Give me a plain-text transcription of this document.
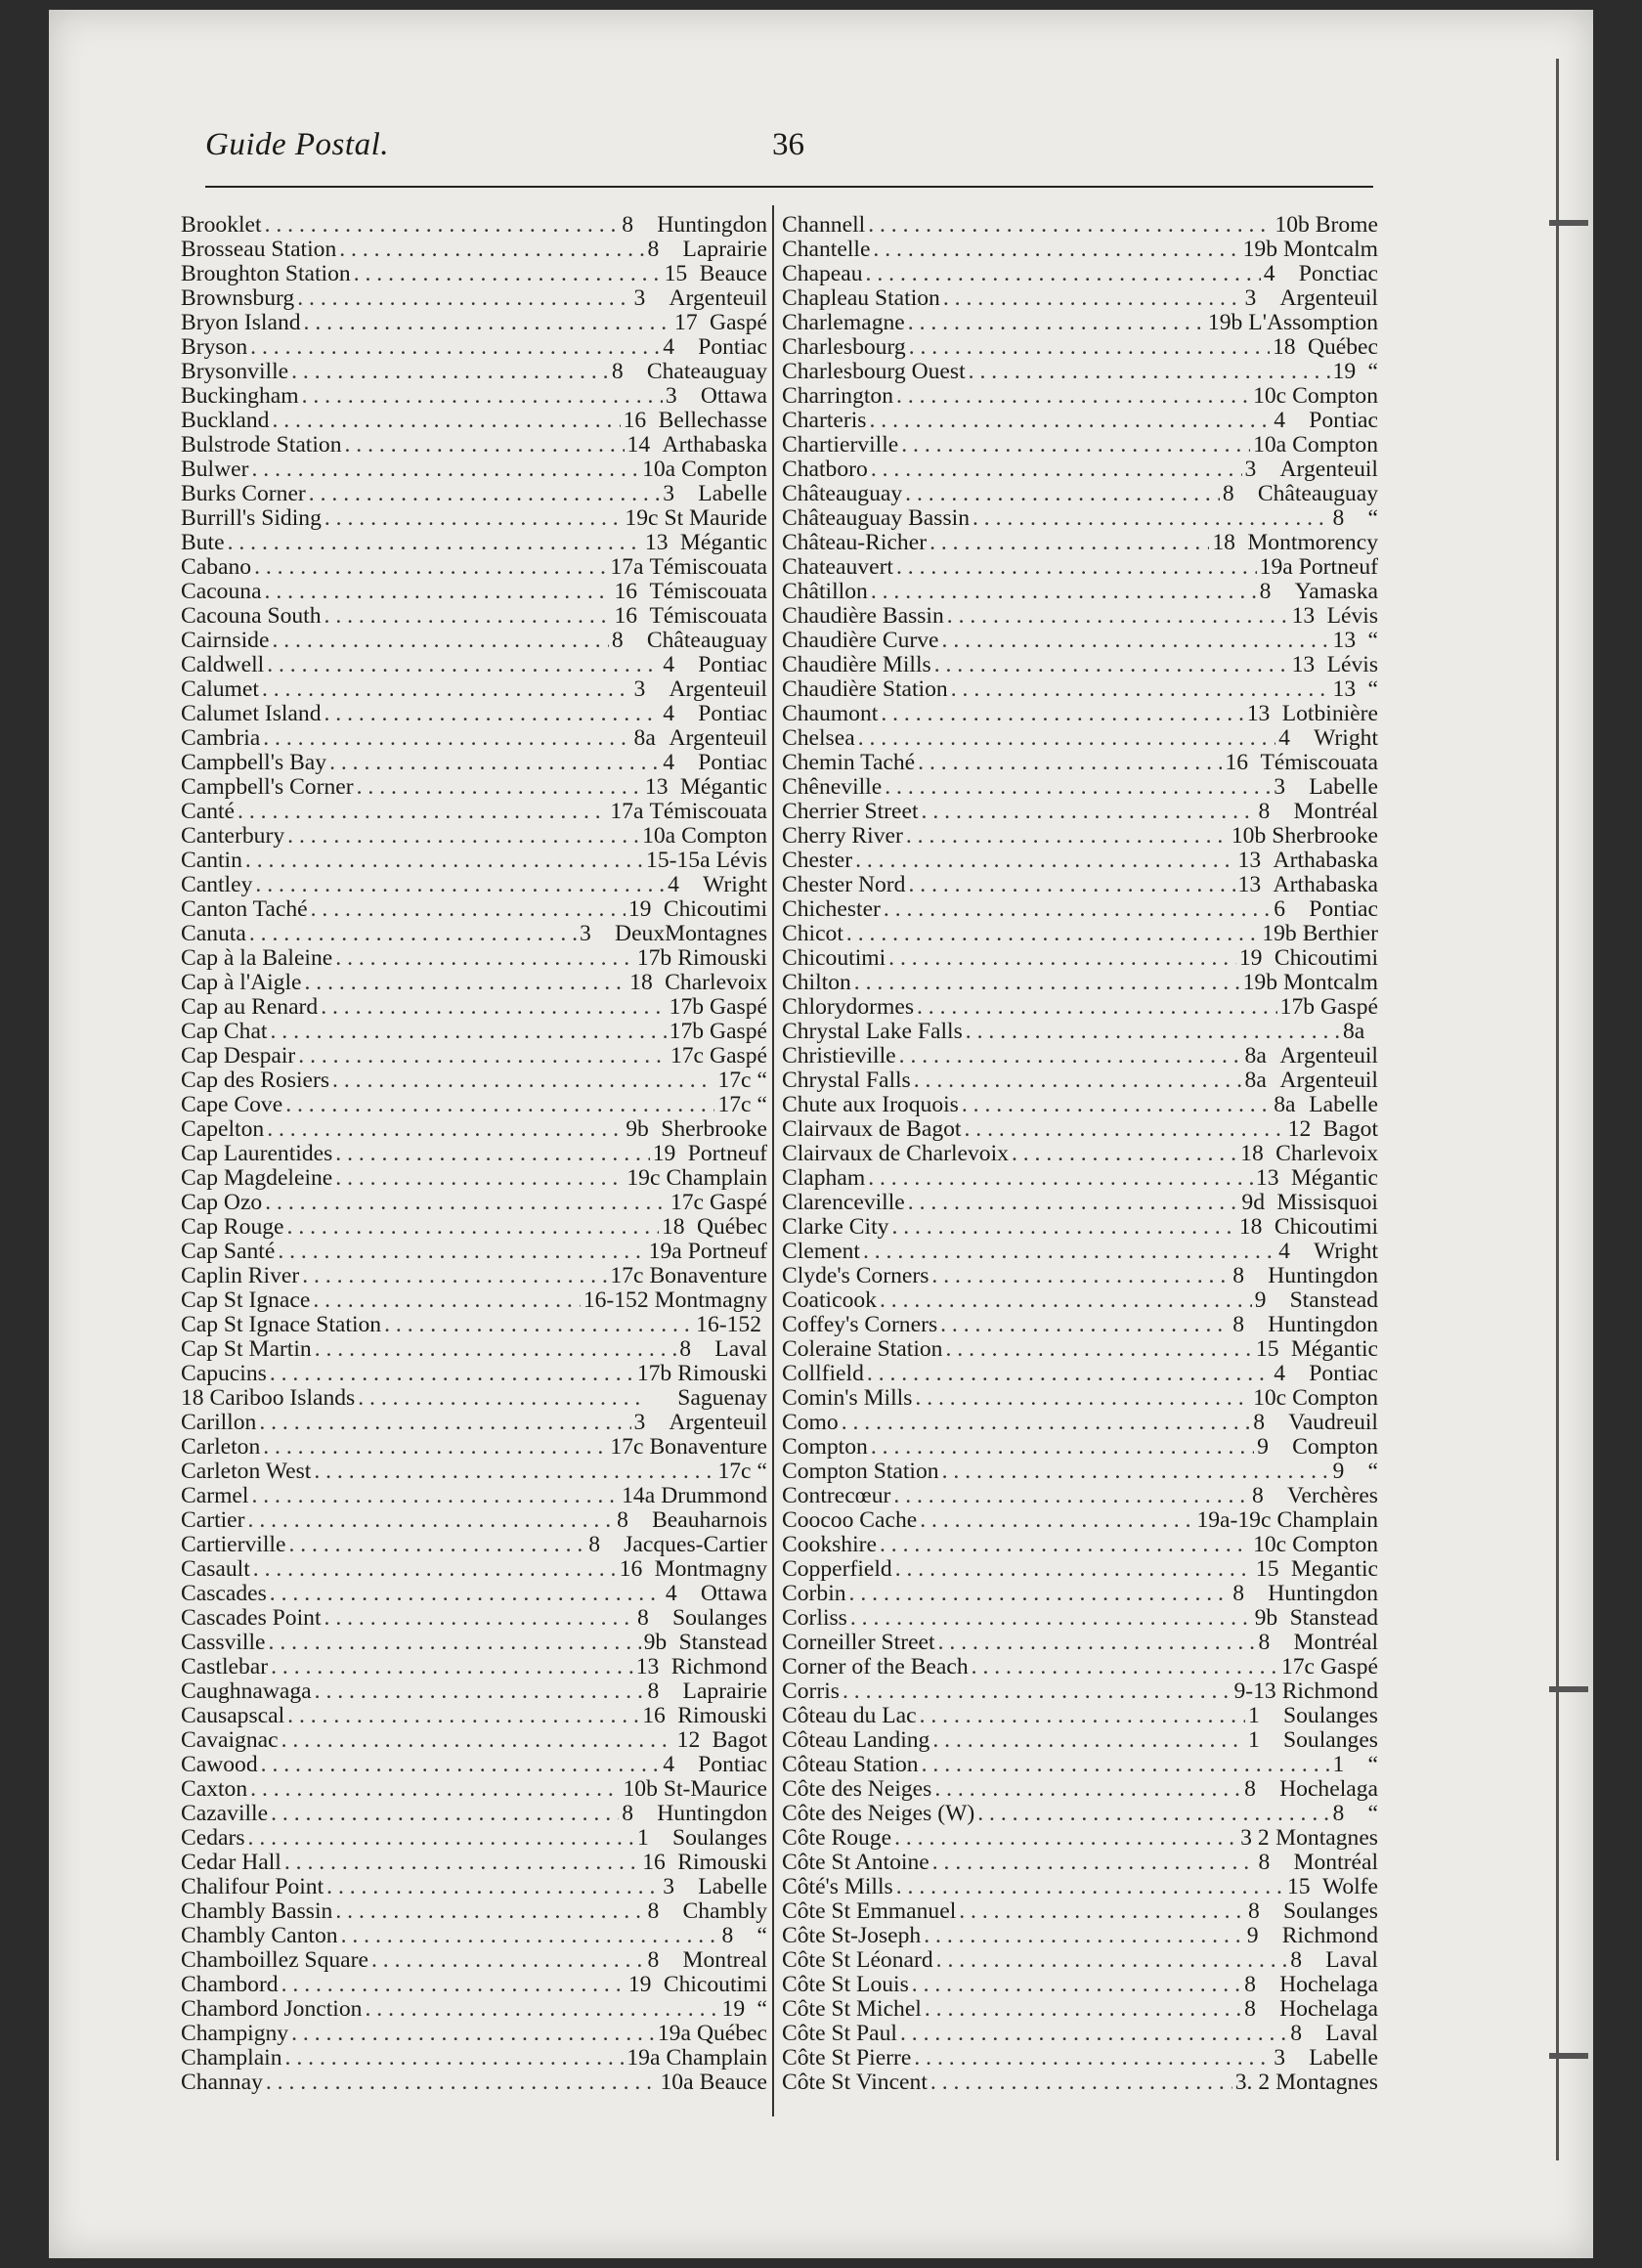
Guide Postal.	36
Brooklet . . .	8	Huntingdon
Brosseau Station . . .	8	Laprairie
Broughton Station . . .	15 Beauce
Brownsburg . . .	3	Argenteuil
Bryon Island . . .	17 Gaspé
Bryson . . .	4	Pontiac
Brysonville . . .	8	Chateauguay
Buckingham . . .	3	Ottawa
Buckland . . .	16 Bellechasse
Bulstrode Station . . .	14 Arthabaska
Bulwer . . .	10a Compton
Burks Corner . . .	3	Labelle
Burrill's Siding . . .	19c St Mauride
Bute . . .	13 Mégantic
Cabano . . .	17a Témiscouata
Cacouna . . .	16 Témiscouata
Cacouna South . . .	16 Témiscouata
Cairnside . . .	8	Châteauguay
Caldwell . . .	4	Pontiac
Calumet . . .	3	Argenteuil
Calumet Island . . .	4	Pontiac
Cambria . . .	8a Argenteuil
Campbell's Bay . . .	4	Pontiac
Campbell's Corner . . .	13 Mégantic
Canté . . .	17a Témiscouata
Canterbury . . .	10a Compton
Cantin . . .	15-15a Lévis
Cantley . . .	4	Wright
Canton Taché . . .	19 Chicoutimi
Canuta . . .	3	DeuxMontagnes
Cap à la Baleine . . .	17b Rimouski
Cap à l'Aigle . . .	18 Charlevoix
Cap au Renard . . .	17b Gaspé
Cap Chat . . .	17b Gaspé
Cap Despair . . .	17c Gaspé
Cap des Rosiers . . .	17c “
Cape Cove . . .	17c “
Capelton . . .	9b Sherbrooke
Cap Laurentides . . .	19 Portneuf
Cap Magdeleine . . .	19c Champlain
Cap Ozo . . .	17c Gaspé
Cap Rouge . . .	18 Québec
Cap Santé . . .	19a Portneuf
Caplin River . . .	17c Bonaventure
Cap St Ignace . . .	16-152 Montmagny
Cap St Ignace Station . . .	16-152
Cap St Martin . . .	8	Laval
Capucins . . .	17b Rimouski
18 Cariboo Islands . . .	Saguenay
Carillon . . .	3	Argenteuil
Carleton . . .	17c Bonaventure
Carleton West . . .	17c “
Carmel . . .	14a Drummond
Cartier . . .	8	Beauharnois
Cartierville . . .	8	Jacques-Cartier
Casault . . .	16 Montmagny
Cascades . . .	4	Ottawa
Cascades Point . . .	8	Soulanges
Cassville . . .	9b Stanstead
Castlebar . . .	13 Richmond
Caughnawaga . . .	8	Laprairie
Causapscal . . .	16 Rimouski
Cavaignac . . .	12 Bagot
Cawood . . .	4	Pontiac
Caxton . . .	10b St-Maurice
Cazaville . . .	8	Huntingdon
Cedars . . .	1	Soulanges
Cedar Hall . . .	16 Rimouski
Chalifour Point . . .	3	Labelle
Chambly Bassin . . .	8	Chambly
Chambly Canton . . .	8	“
Chamboillez Square . . .	8	Montreal
Chambord . . .	19 Chicoutimi
Chambord Jonction . . .	19 “
Champigny . . .	19a Québec
Champlain . . .	19a Champlain
Channay . . .	10a Beauce
Channell . . .	10b Brome
Chantelle . . .	19b Montcalm
Chapeau . . .	4	Ponctiac
Chapleau Station . . .	3	Argenteuil
Charlemagne . . .	19b L'Assomption
Charlesbourg . . .	18 Québec
Charlesbourg Ouest . . .	19 “
Charrington . . .	10c Compton
Charteris . . .	4	Pontiac
Chartierville . . .	10a Compton
Chatboro . . .	3	Argenteuil
Châteauguay . . .	8	Châteauguay
Châteauguay Bassin . . .	8	“
Château-Richer . . .	18 Montmorency
Chateauvert . . .	19a Portneuf
Châtillon . . .	8	Yamaska
Chaudière Bassin . . .	13 Lévis
Chaudière Curve . . .	13 “
Chaudière Mills . . .	13 Lévis
Chaudière Station . . .	13 “
Chaumont . . .	13 Lotbinière
Chelsea . . .	4	Wright
Chemin Taché . . .	16 Témiscouata
Chêneville . . .	3	Labelle
Cherrier Street . . .	8	Montréal
Cherry River . . .	10b Sherbrooke
Chester . . .	13 Arthabaska
Chester Nord . . .	13 Arthabaska
Chichester . . .	6	Pontiac
Chicot . . .	19b Berthier
Chicoutimi . . .	19 Chicoutimi
Chilton . . .	19b Montcalm
Chlorydormes . . .	17b Gaspé
Chrystal Lake Falls . . .	8a
Christieville . . .	8a Argenteuil
Chrystal Falls . . .	8a Argenteuil
Chute aux Iroquois . . .	8a Labelle
Clairvaux de Bagot . . .	12 Bagot
Clairvaux de Charlevoix . . .	18 Charlevoix
Clapham . . .	13 Mégantic
Clarenceville . . .	9d Missisquoi
Clarke City . . .	18 Chicoutimi
Clement . . .	4	Wright
Clyde's Corners . . .	8	Huntingdon
Coaticook . . .	9	Stanstead
Coffey's Corners . . .	8	Huntingdon
Coleraine Station . . .	15 Mégantic
Collfield . . .	4	Pontiac
Comin's Mills . . .	10c Compton
Como . . .	8	Vaudreuil
Compton . . .	9	Compton
Compton Station . . .	9	“
Contrecœur . . .	8	Verchères
Coocoo Cache . . .	19a-19c Champlain
Cookshire . . .	10c Compton
Copperfield . . .	15 Megantic
Corbin . . .	8	Huntingdon
Corliss . . .	9b Stanstead
Corneiller Street . . .	8	Montréal
Corner of the Beach . . .	17c Gaspé
Corris . . .	9-13 Richmond
Côteau du Lac . . .	1	Soulanges
Côteau Landing . . .	1	Soulanges
Côteau Station . . .	1	“
Côte des Neiges . . .	8	Hochelaga
Côte des Neiges (W) . . .	8	“
Côte Rouge . . .	3 2 Montagnes
Côte St Antoine . . .	8	Montréal
Côté's Mills . . .	15 Wolfe
Côte St Emmanuel . . .	8	Soulanges
Côte St-Joseph . . .	9	Richmond
Côte St Léonard . . .	8	Laval
Côte St Louis . . .	8	Hochelaga
Côte St Michel . . .	8	Hochelaga
Côte St Paul . . .	8	Laval
Côte St Pierre . . .	3	Labelle
Côte St Vincent . . .	3. 2 Montagnes
